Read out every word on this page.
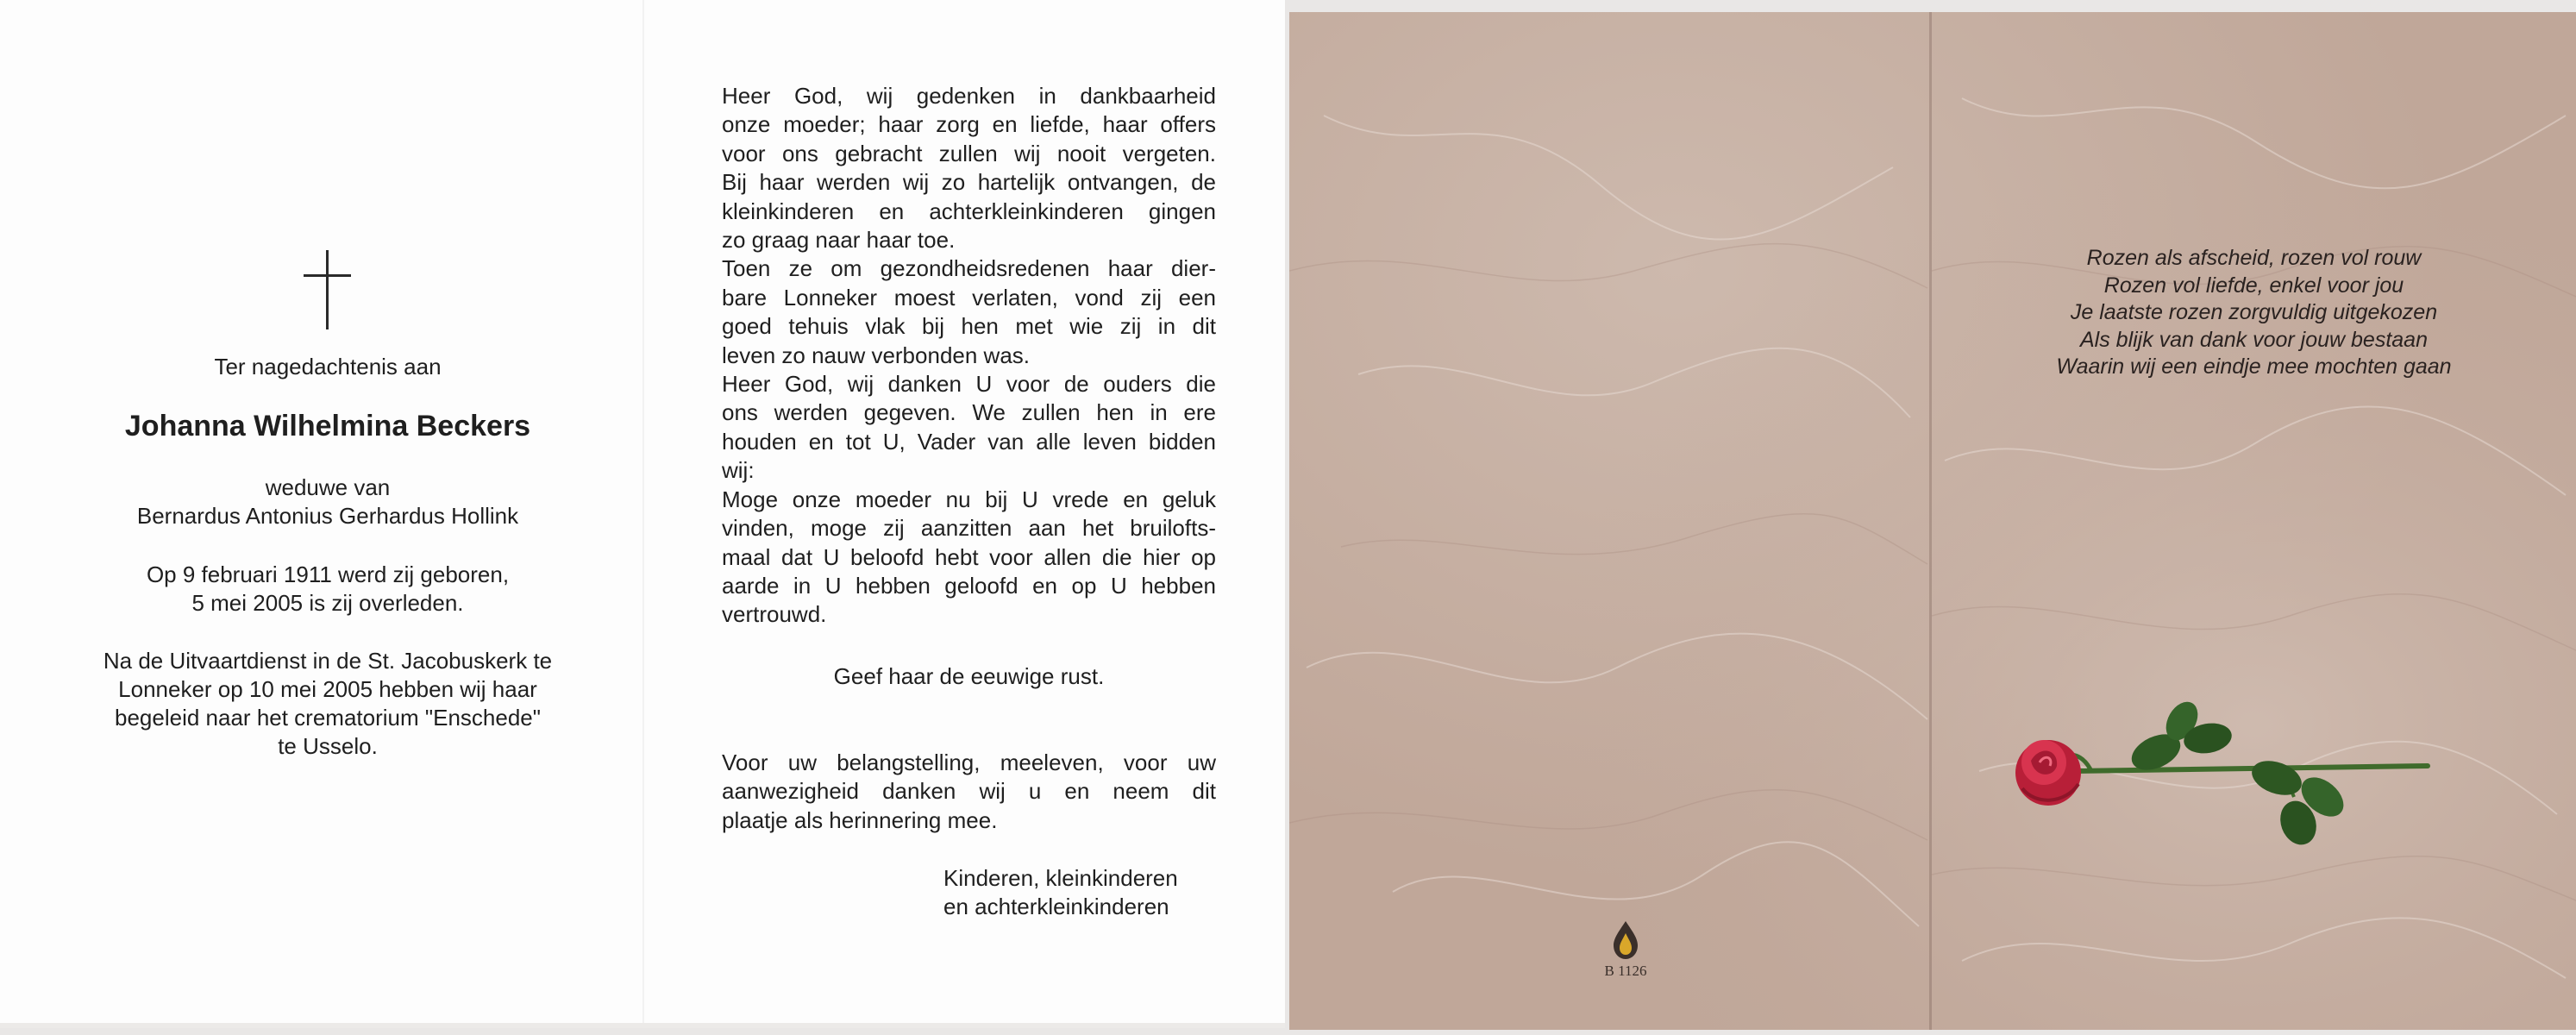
Ter nagedachtenis aan
Johanna Wilhelmina Beckers
weduwe van
Bernardus Antonius Gerhardus Hollink
Op 9 februari 1911 werd zij geboren,
5 mei 2005 is zij overleden.
Na de Uitvaartdienst in de St. Jacobuskerk te
Lonneker op 10 mei 2005 hebben wij haar
begeleid naar het crematorium "Enschede"
te Usselo.
Heer God, wij gedenken in dankbaarheid
onze moeder; haar zorg en liefde, haar offers
voor ons gebracht zullen wij nooit vergeten.
Bij haar werden wij zo hartelijk ontvangen, de
kleinkinderen en achterkleinkinderen gingen
zo graag naar haar toe.
Toen ze om gezondheidsredenen haar dier-
bare Lonneker moest verlaten, vond zij een
goed tehuis vlak bij hen met wie zij in dit
leven zo nauw verbonden was.
Heer God, wij danken U voor de ouders die
ons werden gegeven. We zullen hen in ere
houden en tot U, Vader van alle leven bidden
wij:
Moge onze moeder nu bij U vrede en geluk
vinden, moge zij aanzitten aan het bruilofts-
maal dat U beloofd hebt voor allen die hier op
aarde in U hebben geloofd en op U hebben
vertrouwd.
Geef haar de eeuwige rust.
Voor uw belangstelling, meeleven, voor uw
aanwezigheid danken wij u en neem dit
plaatje als herinnering mee.
Kinderen, kleinkinderen
en achterkleinkinderen
Rozen als afscheid, rozen vol rouw
Rozen vol liefde, enkel voor jou
Je laatste rozen zorgvuldig uitgekozen
Als blijk van dank voor jouw bestaan
Waarin wij een eindje mee mochten gaan
B 1126
